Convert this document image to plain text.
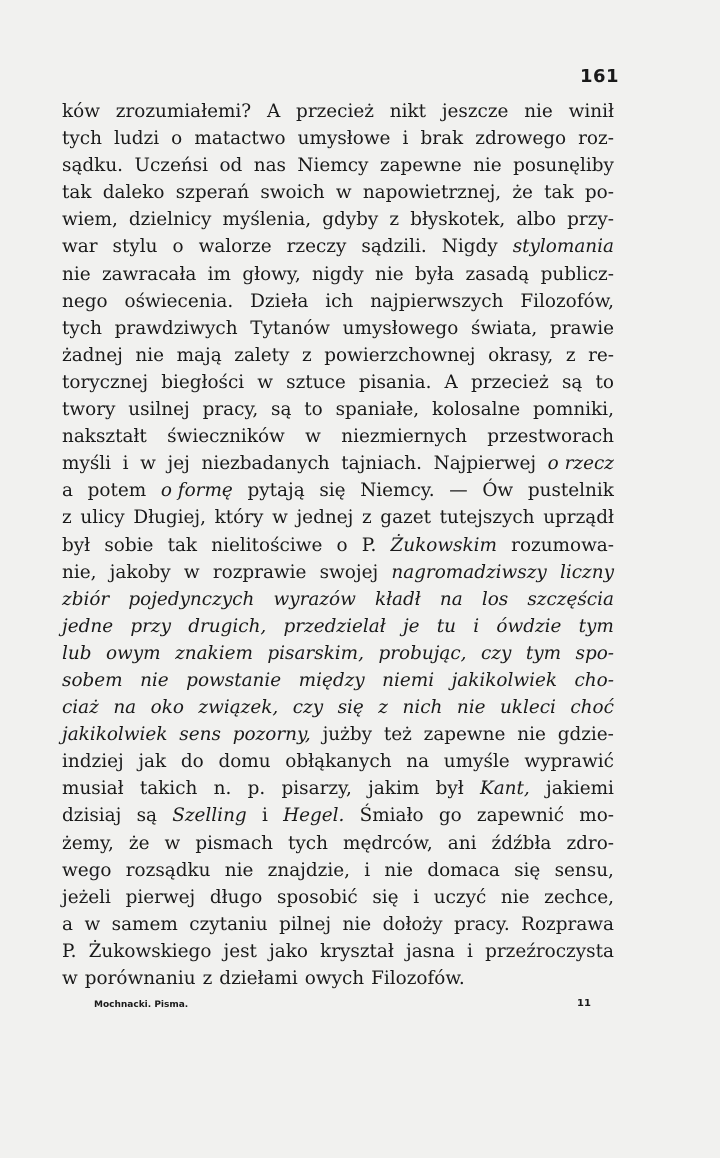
161
ków zrozumiałemi? A przecież nikt jeszcze nie winił
tych ludzi o matactwo umysłowe i brak zdrowego roz-
sądku. Uczeńsi od nas Niemcy zapewne nie posunęliby
tak daleko szperań swoich w napowietrznej, że tak po-
wiem, dzielnicy myślenia, gdyby z błyskotek, albo przy-
war stylu o walorze rzeczy sądzili. Nigdy stylomania
nie zawracała im głowy, nigdy nie była zasadą publicz-
nego oświecenia. Dzieła ich najpierwszych Filozofów,
tych prawdziwych Tytanów umysłowego świata, prawie
żadnej nie mają zalety z powierzchownej okrasy, z re-
torycznej biegłości w sztuce pisania. A przecież są to
twory usilnej pracy, są to spaniałe, kolosalne pomniki,
nakształt świeczników w niezmiernych przestworach
myśli i w jej niezbadanych tajniach. Najpierwej o rzecz
a potem o formę pytają się Niemcy. — Ów pustelnik
z ulicy Długiej, który w jednej z gazet tutejszych uprządł
był sobie tak nielitościwe o P. Żukowskim rozumowa-
nie, jakoby w rozprawie swojej nagromadziwszy liczny
zbiór pojedynczych wyrazów kładł na los szczęścia
jedne przy drugich, przedzielał je tu i ówdzie tym
lub owym znakiem pisarskim, probując, czy tym spo-
sobem nie powstanie między niemi jakikolwiek cho-
ciaż na oko związek, czy się z nich nie ukleci choć
jakikolwiek sens pozorny, jużby też zapewne nie gdzie-
indziej jak do domu obłąkanych na umyśle wyprawić
musiał takich n. p. pisarzy, jakim był Kant, jakiemi
dzisiaj są Szelling i Hegel. Śmiało go zapewnić mo-
żemy, że w pismach tych mędrców, ani źdźbła zdro-
wego rozsądku nie znajdzie, i nie domaca się sensu,
jeżeli pierwej długo sposobić się i uczyć nie zechce,
a w samem czytaniu pilnej nie dołoży pracy. Rozprawa
P. Żukowskiego jest jako kryształ jasna i przeźroczysta
w porównaniu z dziełami owych Filozofów.
Mochnacki. Pisma.	11
